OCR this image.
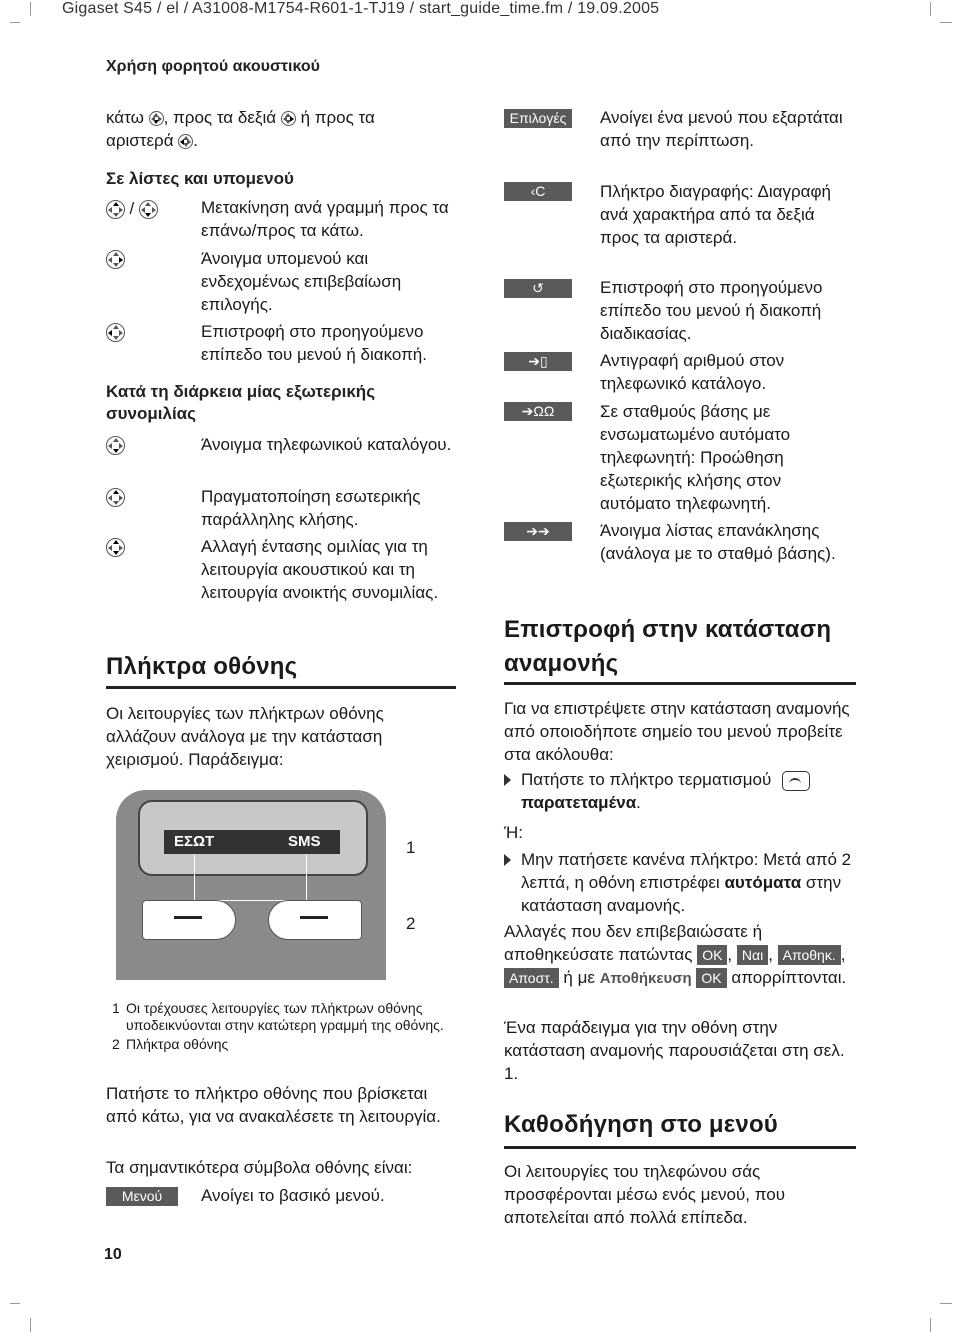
Gigaset S45 / el / A31008-M1754-R601-1-TJ19 / start_guide_time.fm / 19.09.2005
Χρήση φορητού ακουστικού
κάτω , προς τα δεξιά ή προς τα
αριστερά .
Σε λίστες και υπομενού
/	Μετακίνηση ανά γραμμή προς τα επάνω/προς τα κάτω.
Άνοιγμα υπομενού και ενδεχομένως επιβεβαίωση επιλογής.
Επιστροφή στο προηγούμενο επίπεδο του μενού ή διακοπή.
Κατά τη διάρκεια μίας εξωτερικής συνομιλίας
Άνοιγμα τηλεφωνικού καταλόγου.
Πραγματοποίηση εσωτερικής παράλληλης κλήσης.
Αλλαγή έντασης ομιλίας για τη λειτουργία ακουστικού και τη λειτουργία ανοικτής συνομιλίας.
Πλήκτρα οθόνης
Οι λειτουργίες των πλήκτρων οθόνης αλλάζουν ανάλογα με την κατάσταση χειρισμού. Παράδειγμα:
ΕΣΩΤ	SMS	1
2
1 Οι τρέχουσες λειτουργίες των πλήκτρων οθόνης υποδεικνύονται στην κατώτερη γραμμή της οθόνης.
2 Πλήκτρα οθόνης
Πατήστε το πλήκτρο οθόνης που βρίσκεται από κάτω, για να ανακαλέσετε τη λειτουργία.
Τα σημαντικότερα σύμβολα οθόνης είναι:
Μενού	Ανοίγει το βασικό μενού.
Επιλογές	Ανοίγει ένα μενού που εξαρτάται από την περίπτωση.
‹C	Πλήκτρο διαγραφής: Διαγραφή ανά χαρακτήρα από τα δεξιά προς τα αριστερά.
↺	Επιστροφή στο προηγούμενο επίπεδο του μενού ή διακοπή διαδικασίας.
➔▯	Αντιγραφή αριθμού στον τηλεφωνικό κατάλογο.
➔ΩΩ	Σε σταθμούς βάσης με ενσωματωμένο αυτόματο τηλεφωνητή: Προώθηση εξωτερικής κλήσης στον αυτόματο τηλεφωνητή.
➔➔	Άνοιγμα λίστας επανάκλησης (ανάλογα με το σταθμό βάσης).
Επιστροφή στην κατάσταση αναμονής
Για να επιστρέψετε στην κατάσταση αναμονής από οποιοδήποτε σημείο του μενού προβείτε στα ακόλουθα:
Πατήστε το πλήκτρο τερματισμού

παρατεταμένα.
Ή:
Μην πατήσετε κανένα πλήκτρο: Μετά από 2 λεπτά, η οθόνη επιστρέφει αυτόματα στην κατάσταση αναμονής.
Αλλαγές που δεν επιβεβαιώσατε ή αποθηκεύσατε πατώντας OK , Ναι , Αποθηκ. , Αποστ. ή με Αποθήκευση OK απορρίπτονται.
Ένα παράδειγμα για την οθόνη στην κατάσταση αναμονής παρουσιάζεται στη σελ. 1.
Καθοδήγηση στο μενού
Οι λειτουργίες του τηλεφώνου σάς προσφέρονται μέσω ενός μενού, που αποτελείται από πολλά επίπεδα.
10
